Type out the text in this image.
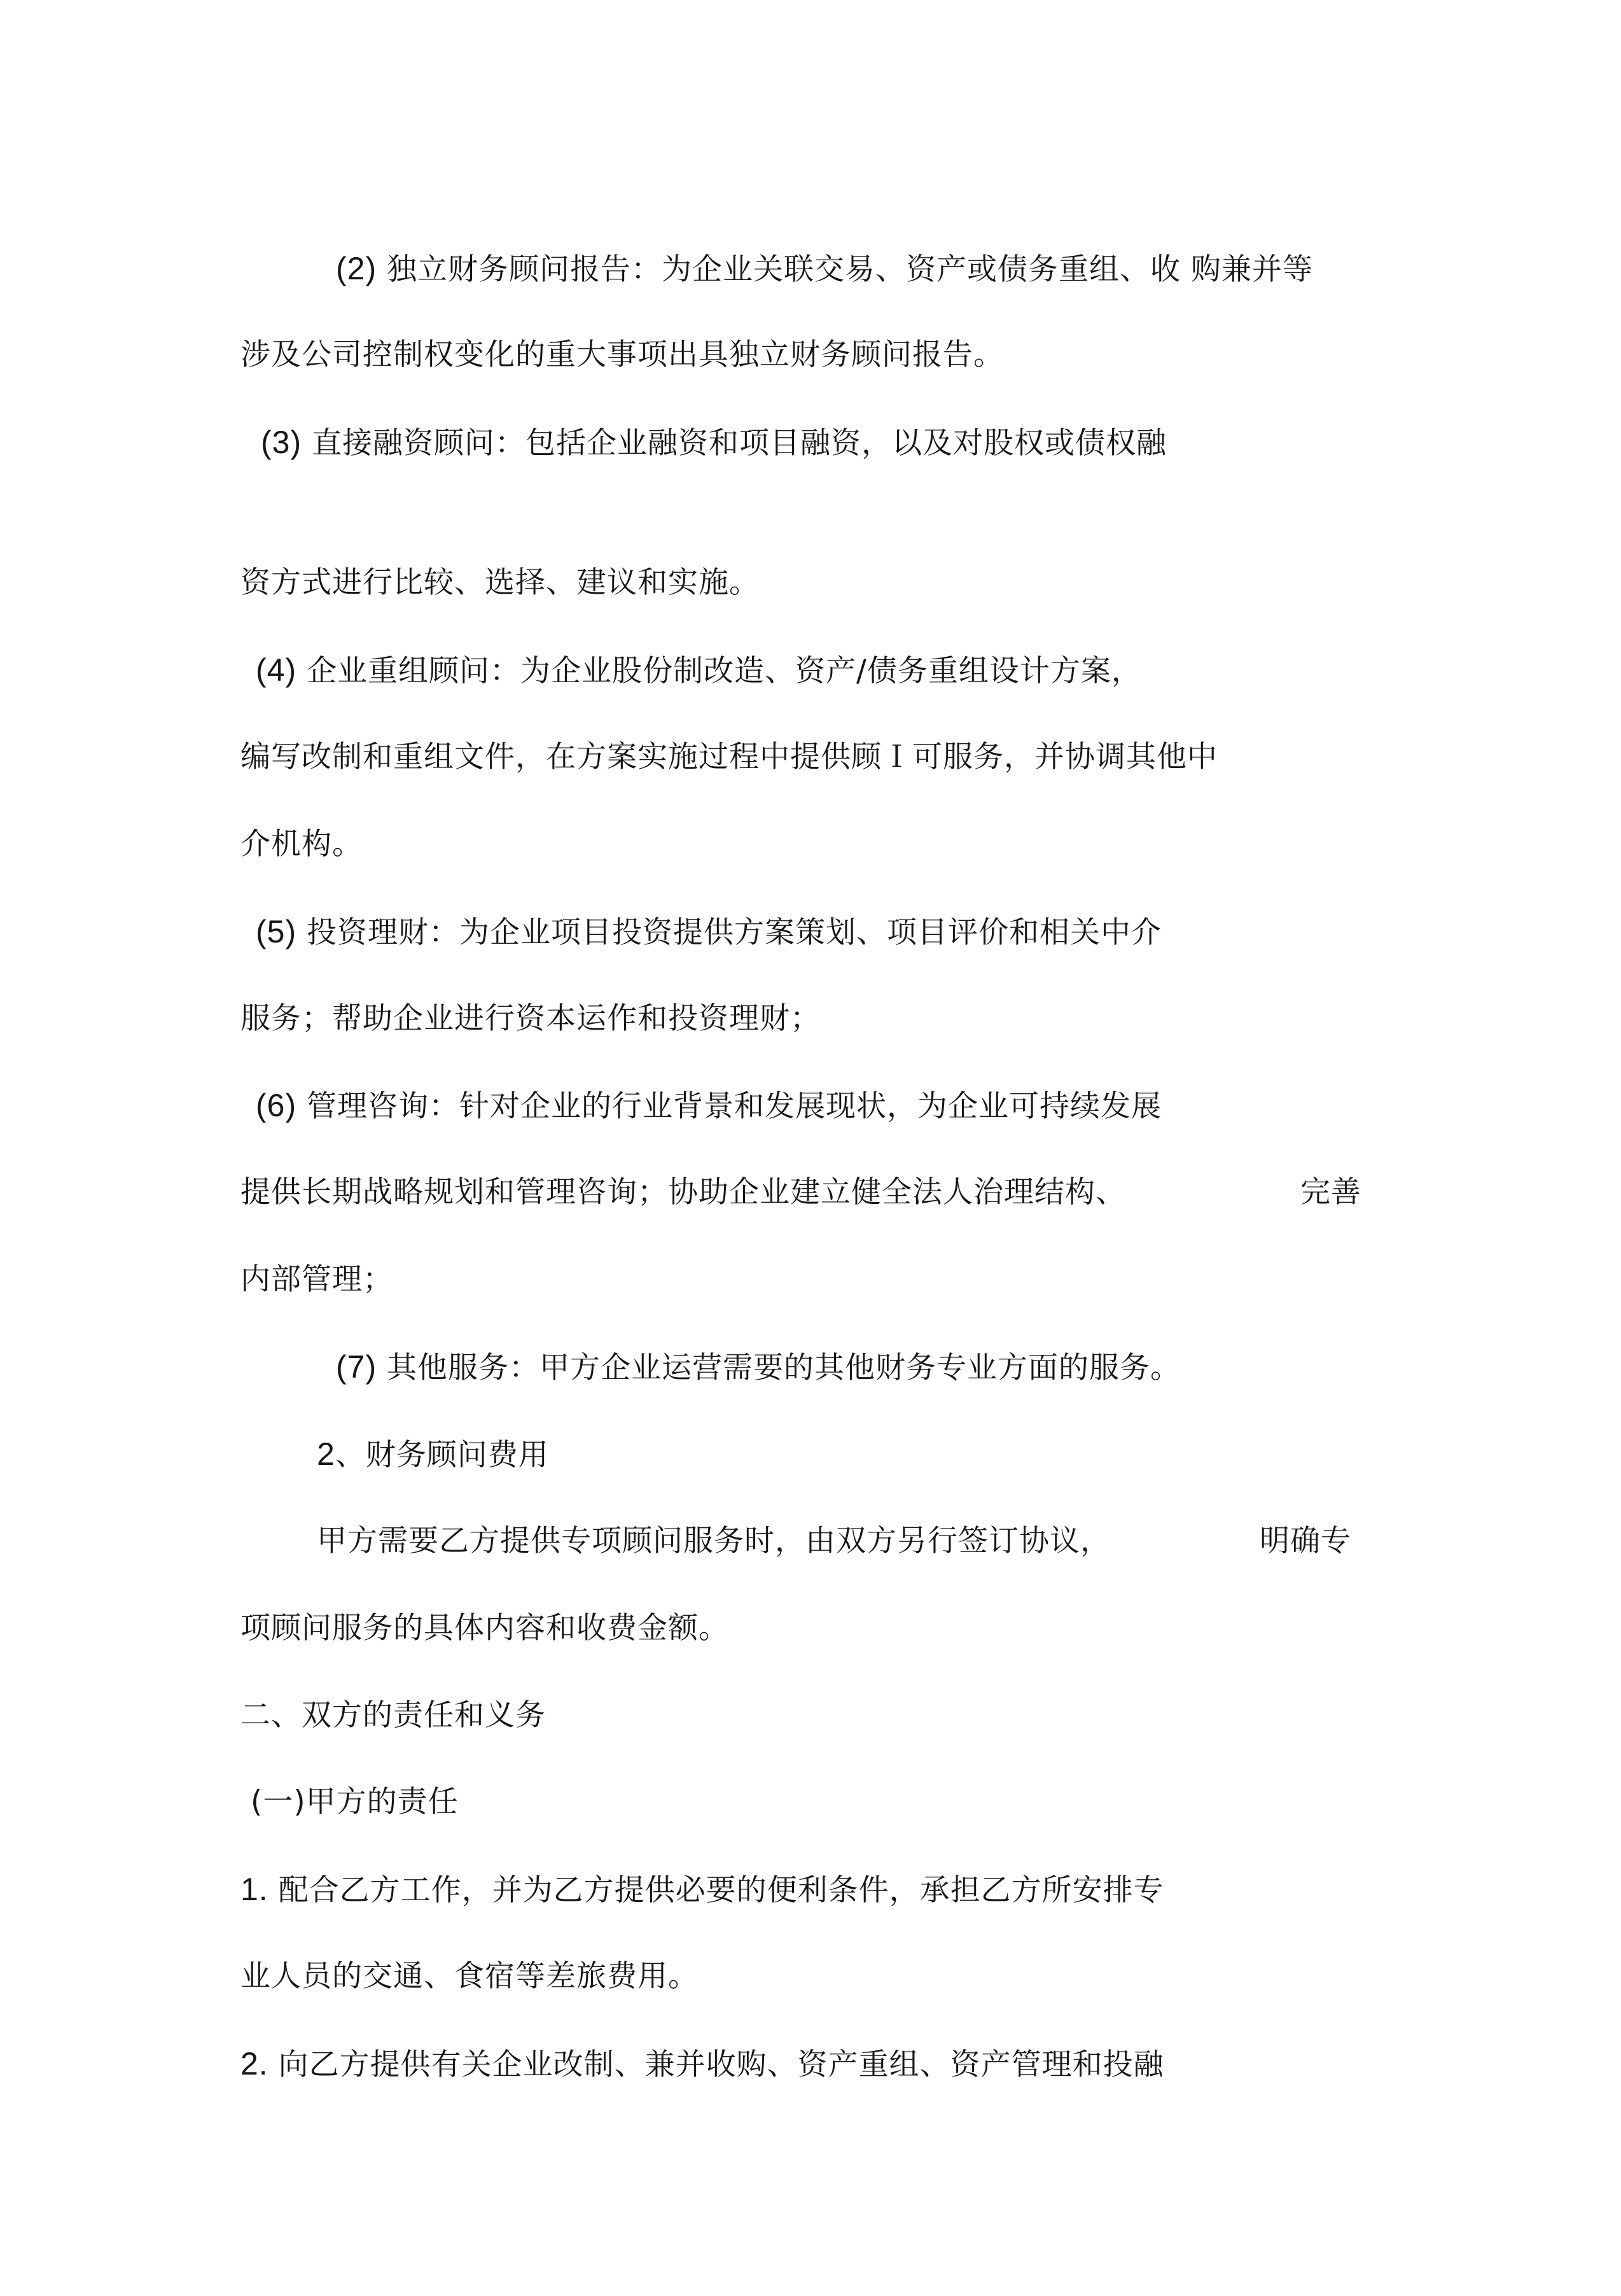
(2) 独立财务顾问报告：为企业关联交易、资产或债务重组、收 购兼并等
涉及公司控制权变化的重大事项出具独立财务顾问报告。
(3) 直接融资顾问：包括企业融资和项目融资，以及对股权或债权融
资方式进行比较、选择、建议和实施。
(4) 企业重组顾问：为企业股份制改造、资产/债务重组设计方案，
编写改制和重组文件，在方案实施过程中提供顾Ｉ可服务，并协调其他中
介机构。
(5) 投资理财：为企业项目投资提供方案策划、项目评价和相关中介
服务；帮助企业进行资本运作和投资理财；
(6) 管理咨询：针对企业的行业背景和发展现状，为企业可持续发展
提供长期战略规划和管理咨询；协助企业建立健全法人治理结构、	完善
内部管理；
(7) 其他服务：甲方企业运营需要的其他财务专业方面的服务。
2、财务顾问费用
甲方需要乙方提供专项顾问服务时，由双方另行签订协议，	明确专
项顾问服务的具体内容和收费金额。
二、双方的责任和义务
(一)甲方的责任
1. 配合乙方工作，并为乙方提供必要的便利条件，承担乙方所安排专
业人员的交通、食宿等差旅费用。
2. 向乙方提供有关企业改制、兼并收购、资产重组、资产管理和投融
